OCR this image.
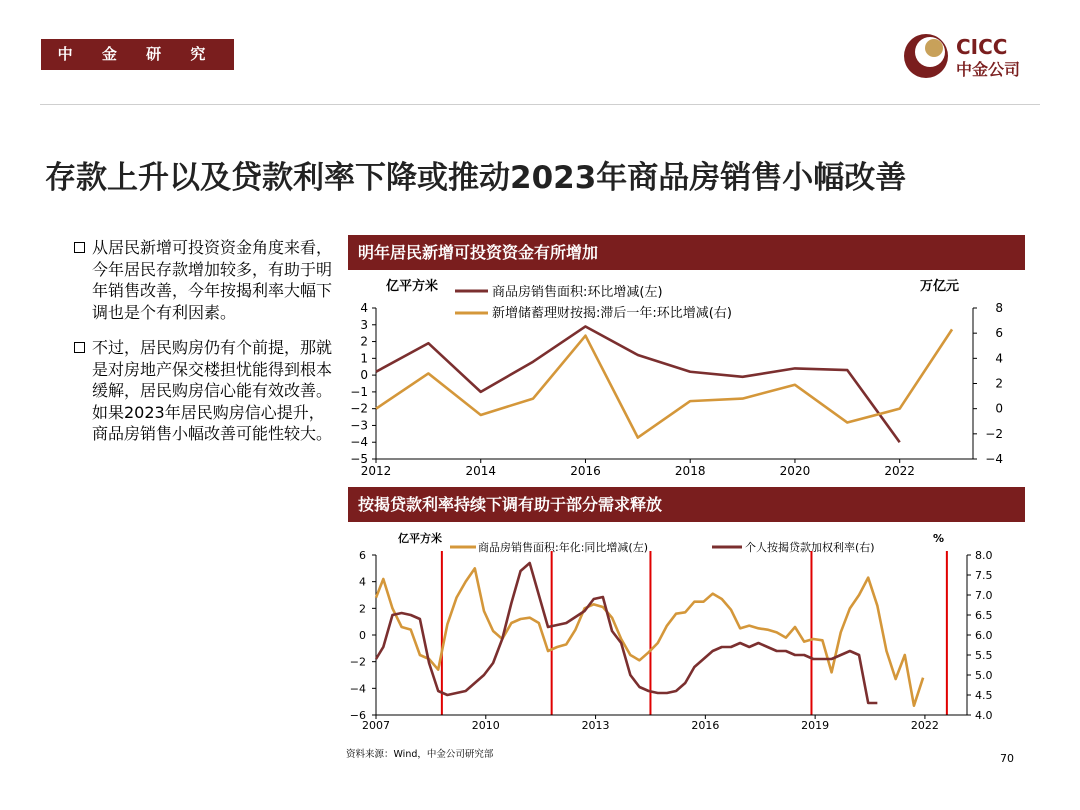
中 金 研 究 部
CICC
中金公司
存款上升以及贷款利率下降或推动2023年商品房销售小幅改善
从居民新增可投资资金角度来看，今年居民存款增加较多，有助于明年销售改善，今年按揭利率大幅下调也是个有利因素。
不过，居民购房仍有个前提，那就是对房地产保交楼担忧能得到根本缓解，居民购房信心能有效改善。如果2023年居民购房信心提升，商品房销售小幅改善可能性较大。
明年居民新增可投资资金有所增加
按揭贷款利率持续下调有助于部分需求释放
亿平方米	万亿元
商品房销售面积:环比增减(左)
新增储蓄理财按揭:滞后一年:环比增减(右)
−5
−4
−3
−2
−1
0
1
2
3
4
−4
−2
0
2
4
6
8
2012	2014	2016	2018	2020	2022
亿平方米	%
商品房销售面积:年化:同比增减(左)	个人按揭贷款加权利率(右)
6
4
2
0
−2
−4
−6
8.0
7.5
7.0
6.5
6.0
5.5
5.0
4.5
4.0
2007	2010	2013	2016	2019	2022
资料来源：Wind，中金公司研究部	70
